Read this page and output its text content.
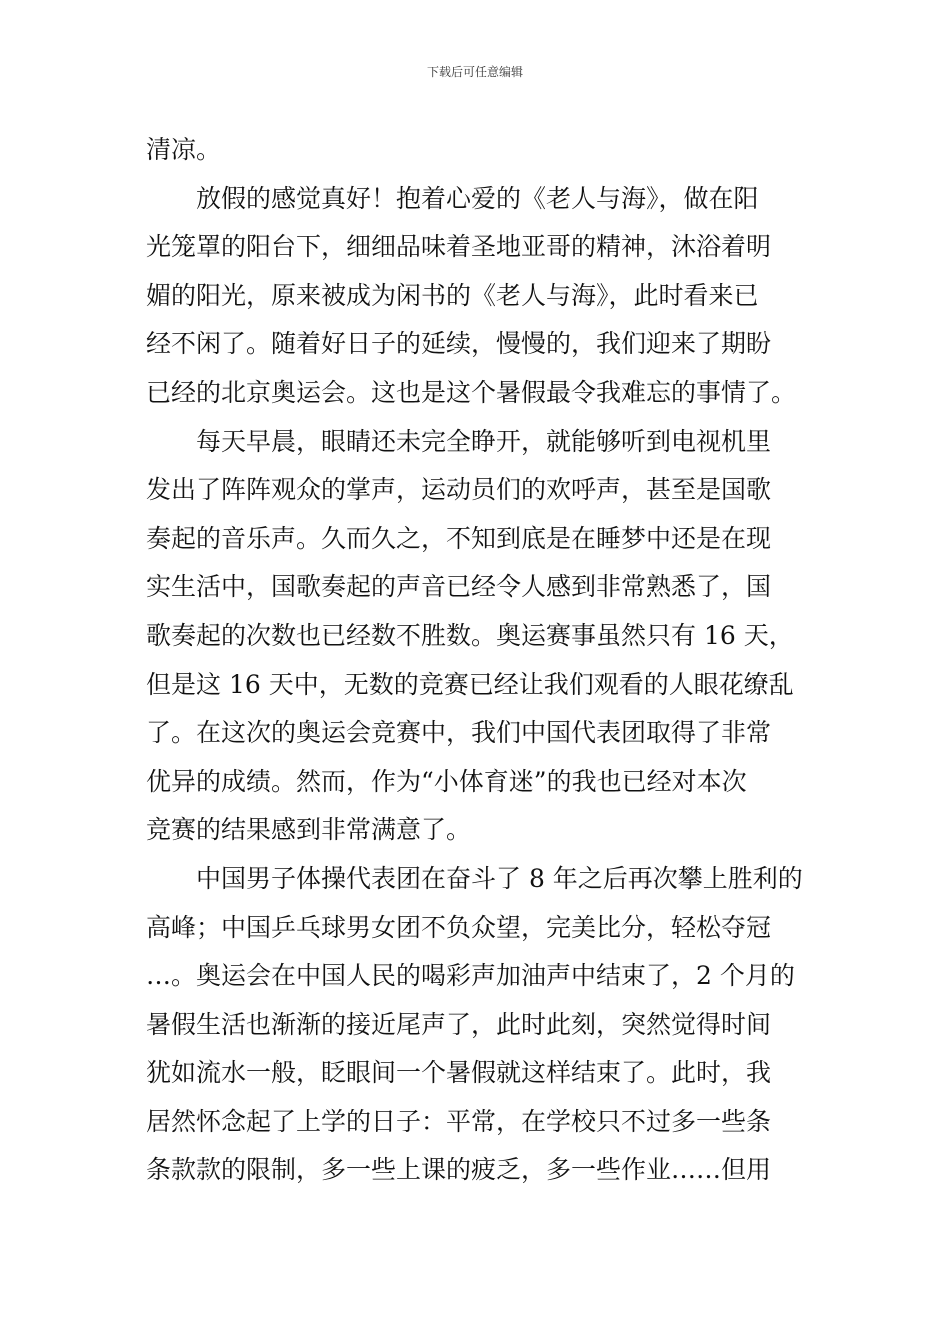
下载后可任意编辑
清凉。
　　放假的感觉真好！抱着心爱的《老人与海》，做在阳
光笼罩的阳台下，细细品味着圣地亚哥的精神，沐浴着明
媚的阳光，原来被成为闲书的《老人与海》，此时看来已
经不闲了。随着好日子的延续，慢慢的，我们迎来了期盼
已经的北京奥运会。这也是这个暑假最令我难忘的事情了。
　　每天早晨，眼睛还未完全睁开，就能够听到电视机里
发出了阵阵观众的掌声，运动员们的欢呼声，甚至是国歌
奏起的音乐声。久而久之，不知到底是在睡梦中还是在现
实生活中，国歌奏起的声音已经令人感到非常熟悉了，国
歌奏起的次数也已经数不胜数。奥运赛事虽然只有 16 天，
但是这 16 天中，无数的竞赛已经让我们观看的人眼花缭乱
了。在这次的奥运会竞赛中，我们中国代表团取得了非常
优异的成绩。然而，作为“小体育迷”的我也已经对本次
竞赛的结果感到非常满意了。
　　中国男子体操代表团在奋斗了 8 年之后再次攀上胜利的
高峰；中国乒乓球男女团不负众望，完美比分，轻松夺冠
…。奥运会在中国人民的喝彩声加油声中结束了，2 个月的
暑假生活也渐渐的接近尾声了，此时此刻，突然觉得时间
犹如流水一般，眨眼间一个暑假就这样结束了。此时，我
居然怀念起了上学的日子：平常，在学校只不过多一些条
条款款的限制，多一些上课的疲乏，多一些作业……但用
